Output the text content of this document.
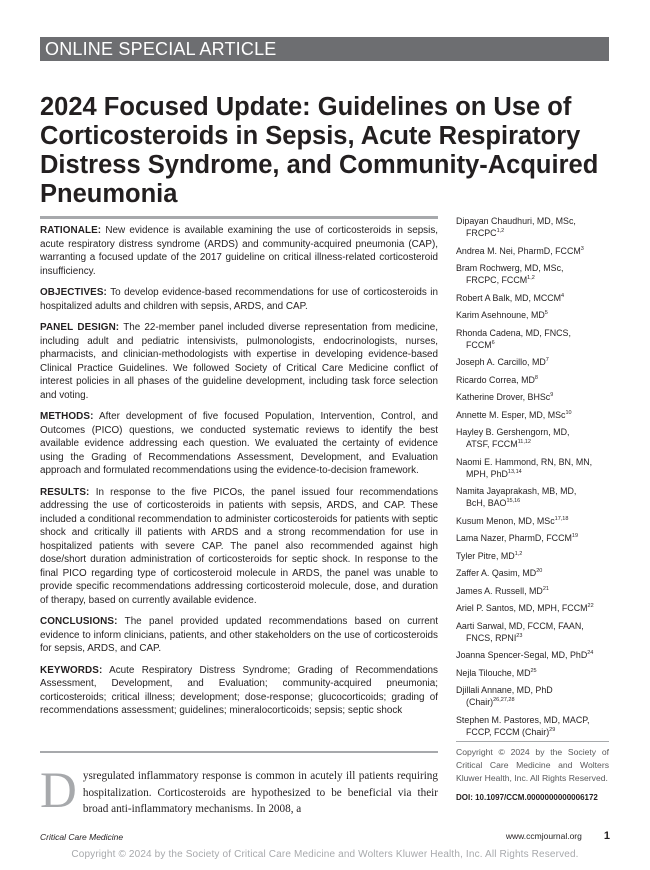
ONLINE SPECIAL ARTICLE
2024 Focused Update: Guidelines on Use of
Corticosteroids in Sepsis, Acute Respiratory
Distress Syndrome, and Community-Acquired
Pneumonia

RATIONALE: New evidence is available examining the use of corticosteroids in sepsis, acute respiratory distress syndrome (ARDS) and community-acquired pneumonia (CAP), warranting a focused update of the 2017 guideline on critical illness-related corticosteroid insufficiency.

OBJECTIVES: To develop evidence-based recommendations for use of corticosteroids in hospitalized adults and children with sepsis, ARDS, and CAP.

PANEL DESIGN: The 22-member panel included diverse representation from medicine, including adult and pediatric intensivists, pulmonologists, endocrinologists, nurses, pharmacists, and clinician-methodologists with expertise in developing evidence-based Clinical Practice Guidelines. We followed Society of Critical Care Medicine conflict of interest policies in all phases of the guideline development, including task force selection and voting.

METHODS: After development of five focused Population, Intervention, Control, and Outcomes (PICO) questions, we conducted systematic reviews to identify the best available evidence addressing each question. We evaluated the certainty of evidence using the Grading of Recommendations Assessment, Development, and Evaluation approach and formulated recommendations using the evidence-to-decision framework.

RESULTS: In response to the five PICOs, the panel issued four recommendations addressing the use of corticosteroids in patients with sepsis, ARDS, and CAP. These included a conditional recommendation to administer corticosteroids for patients with septic shock and critically ill patients with ARDS and a strong recommendation for use in hospitalized patients with severe CAP. The panel also recommended against high dose/short duration administration of corticosteroids for septic shock. In response to the final PICO regarding type of corticosteroid molecule in ARDS, the panel was unable to provide specific recommendations addressing corticosteroid molecule, dose, and duration of therapy, based on currently available evidence.

CONCLUSIONS: The panel provided updated recommendations based on current evidence to inform clinicians, patients, and other stakeholders on the use of corticosteroids for sepsis, ARDS, and CAP.

KEYWORDS: Acute Respiratory Distress Syndrome; Grading of Recommendations Assessment, Development, and Evaluation; community-acquired pneumonia; corticosteroids; critical illness; development; dose-response; glucocorticoids; grading of recommendations assessment; guidelines; mineralocorticoids; sepsis; septic shock

Dipayan Chaudhuri, MD, MSc,
FRCPC$^{1,2}$
Andrea M. Nei, PharmD, FCCM$^3$
Bram Rochwerg, MD, MSc,
FRCPC, FCCM$^{1,2}$
Robert A Balk, MD, MCCM$^4$
Karim Asehnoune, $MD^5$
Rhonda Cadena, MD, FNCS,
FCCM$^6$
Joseph A. Carcillo, $MD^7$
Ricardo Correa, $MD^8$
Katherine Drover, BHSc$^9$
Annette M. Esper, MD, MSc$^{10}$
Hayley B. Gershengorn, MD,
ATSF, FCCM$^{11,12}$
Naomi E. Hammond, RN, BN, MN,
MPH, PhD$^{13,14}$
Namita Jayaprakash, MB, MD,
BcH, BAO$^{15,16}$
Kusum Menon, MD, MSc$^{17,18}$
Lama Nazer, PharmD, FCCM$^{19}$
Tyler Pitre, MD$^{1,2}$
Zaffer A. Qasim, MD$^{20}$
James A. Russell, MD$^{21}$
Ariel P. Santos, MD, MPH, FCCM$^{22}$
Aarti Sarwal, MD, FCCM, FAAN,
FNCS, RPNI$^{23}$
Joanna Spencer-Segal, MD, PhD$^{24}$
Nejla Tilouche, MD$^{25}$
Djillali Annane, MD, PhD
(Chair)$^{26,27,28}$
Stephen M. Pastores, MD, MACP,
FCCP, FCCM (Chair)$^{29}$
Copyright © 2024 by the Society of Critical Care Medicine and Wolters Kluwer Health, Inc. All Rights Reserved.
DOI: 10.1097/CCM.0000000000006172
Dysregulated inflammatory response is common in acutely ill patients requiring hospitalization. Corticosteroids are hypothesized to be beneficial via their broad anti-inflammatory mechanisms. In 2008, a
Critical Care Medicine	www.ccmjournal.org 1
Copyright © 2024 by the Society of Critical Care Medicine and Wolters Kluwer Health, Inc. All Rights Reserved.
